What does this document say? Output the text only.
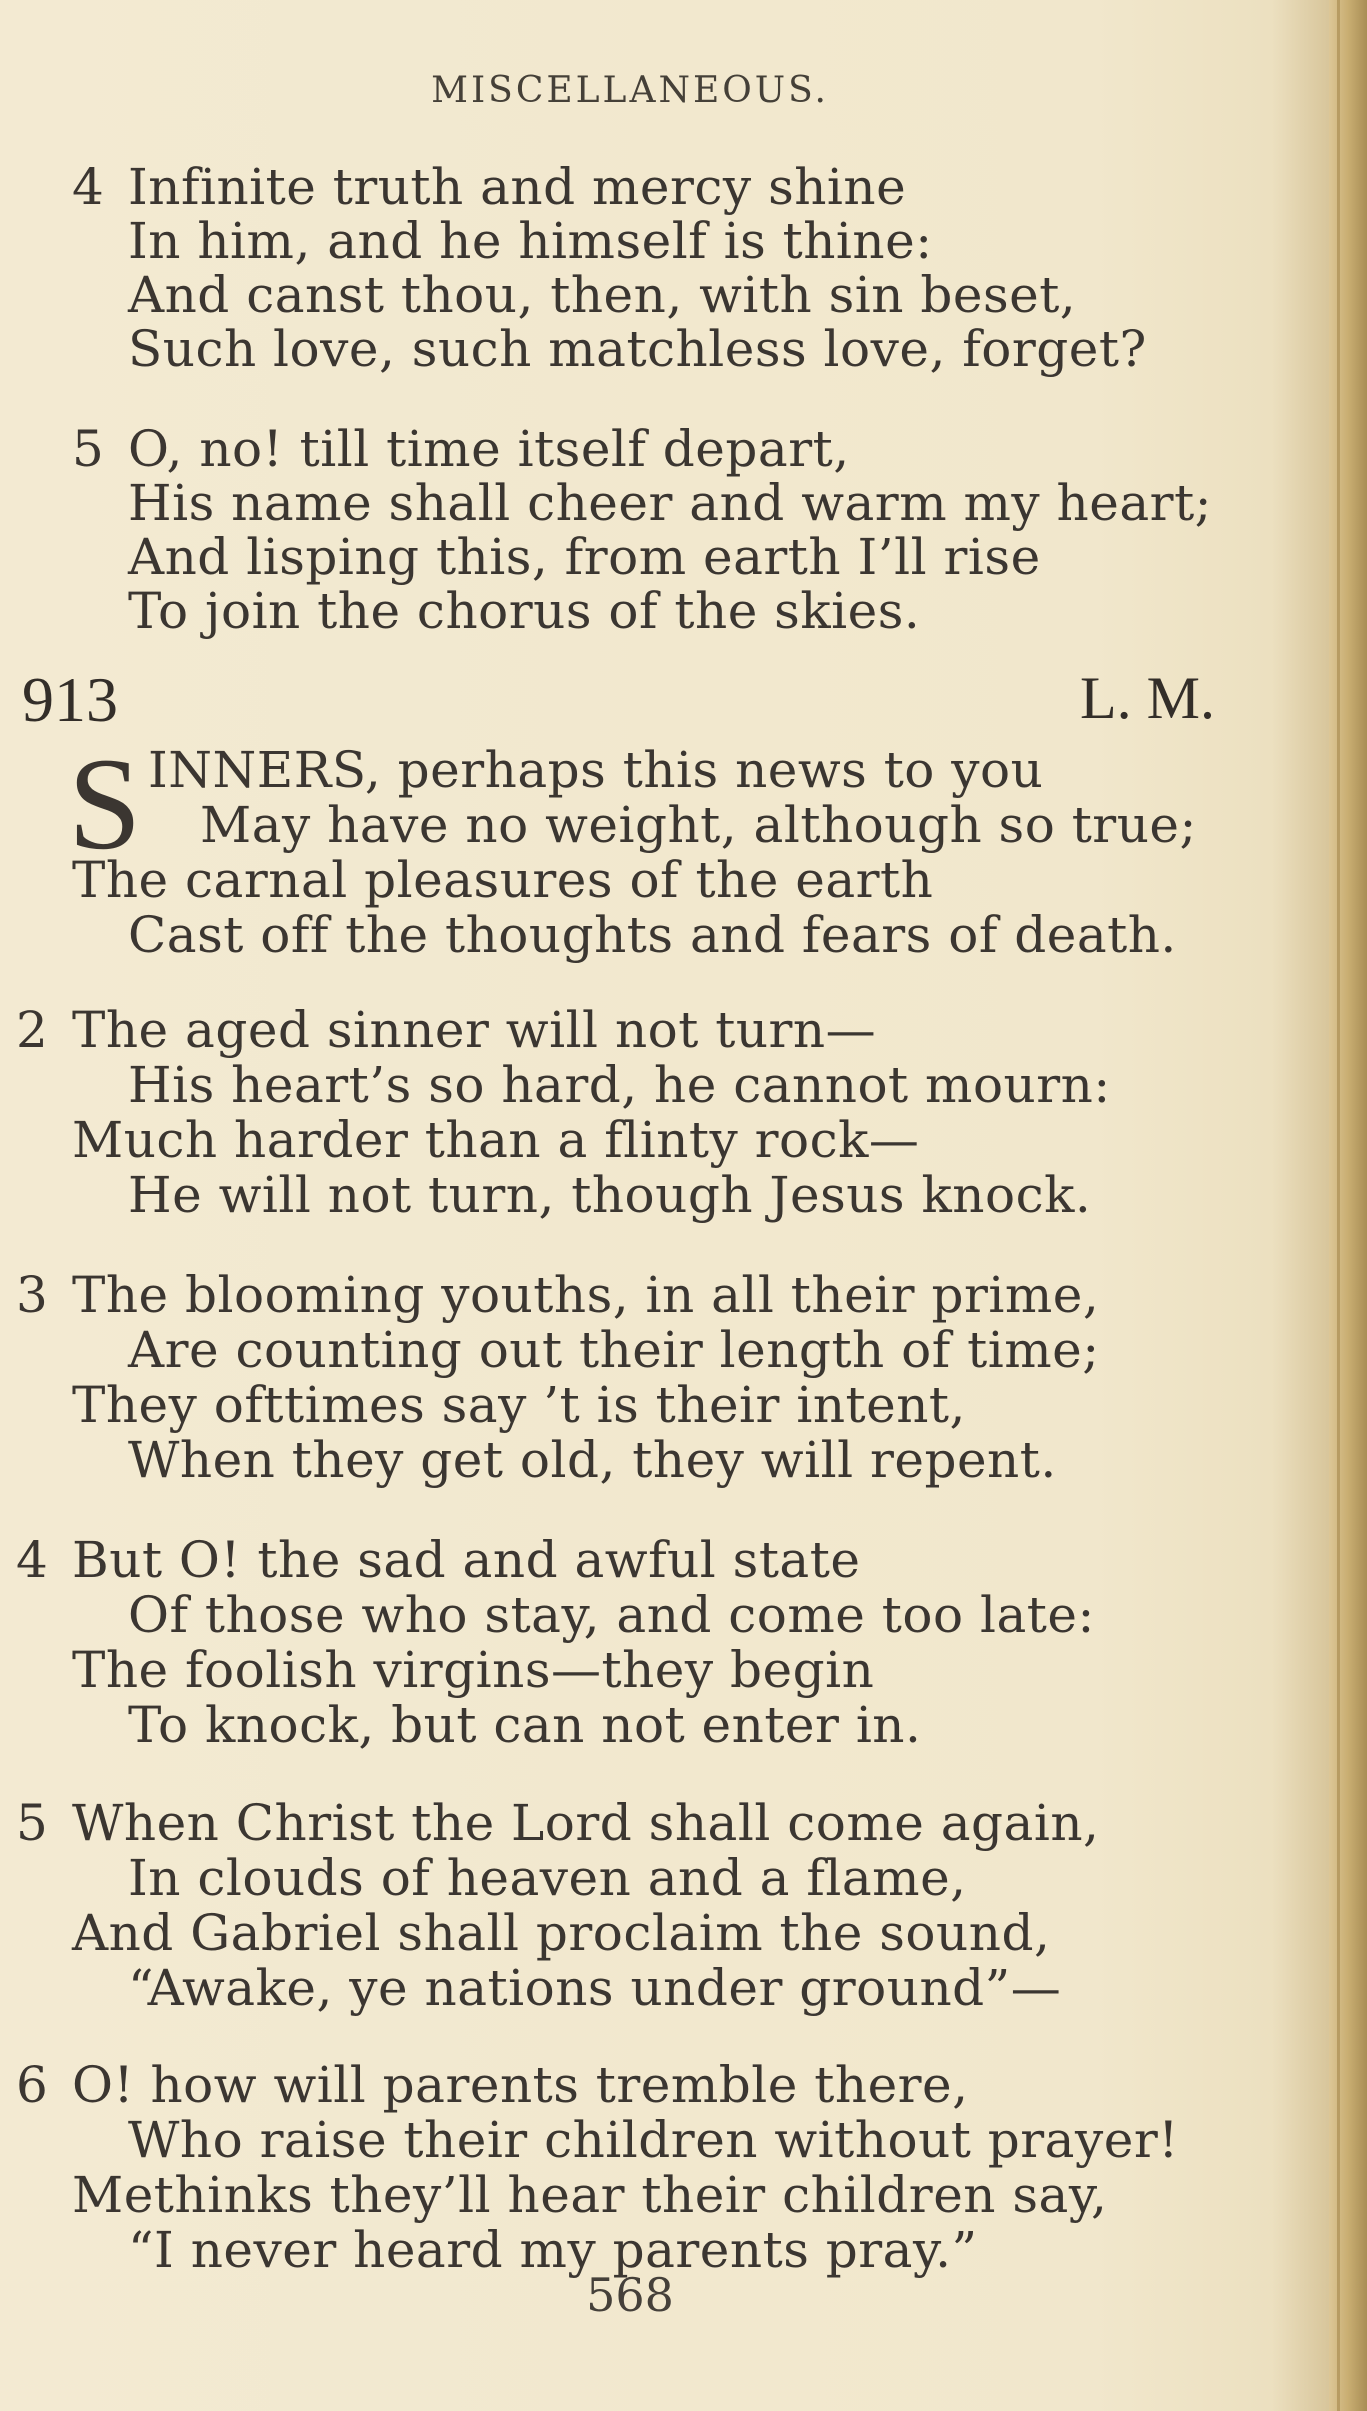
MISCELLANEOUS.
4 Infinite truth and mercy shine
In him, and he himself is thine:
And canst thou, then, with sin beset,
Such love, such matchless love, forget?
5 O, no! till time itself depart,
His name shall cheer and warm my heart;
And lisping this, from earth I’ll rise
To join the chorus of the skies.
913	L. M.
S INNERS, perhaps this news to you
May have no weight, although so true;
The carnal pleasures of the earth
Cast off the thoughts and fears of death.
2 The aged sinner will not turn—
His heart’s so hard, he cannot mourn:
Much harder than a flinty rock—
He will not turn, though Jesus knock.
3 The blooming youths, in all their prime,
Are counting out their length of time;
They ofttimes say ’t is their intent,
When they get old, they will repent.
4 But O! the sad and awful state
Of those who stay, and come too late:
The foolish virgins—they begin
To knock, but can not enter in.
5 When Christ the Lord shall come again,
In clouds of heaven and a flame,
And Gabriel shall proclaim the sound,
“Awake, ye nations under ground”—
6 O! how will parents tremble there,
Who raise their children without prayer!
Methinks they’ll hear their children say,
“I never heard my parents pray.”
568
